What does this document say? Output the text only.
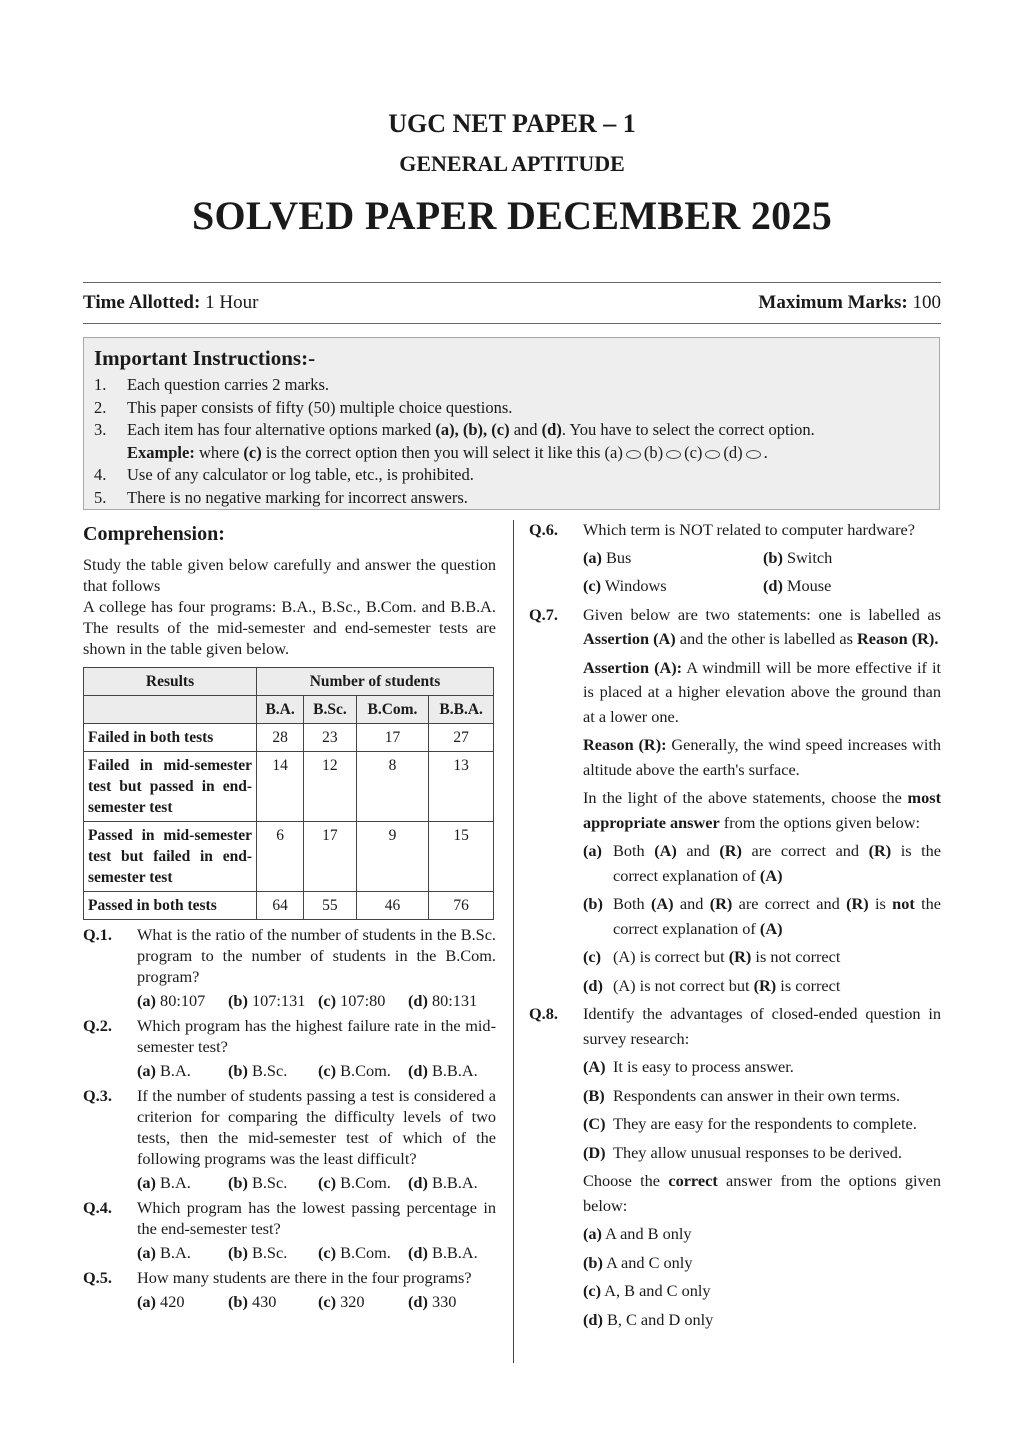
UGC NET PAPER – 1
GENERAL APTITUDE
SOLVED PAPER DECEMBER 2025
Time Allotted: 1 Hour	Maximum Marks: 100
Important Instructions:-
1.	Each question carries 2 marks.
2.	This paper consists of fifty (50) multiple choice questions.
3.	Each item has four alternative options marked (a), (b), (c) and (d). You have to select the correct option.
Example: where (c) is the correct option then you will select it like this (a) (b) (c) (d) .
4.	Use of any calculator or log table, etc., is prohibited.
5.	There is no negative marking for incorrect answers.
Comprehension:

Study the table given below carefully and answer the question that follows

A college has four programs: B.A., B.Sc., B.Com. and B.B.A. The results of the mid-semester and end-semester tests are shown in the table given below.

Results	Number of students			
	B.A.	B.Sc.	B.Com.	B.B.A.
Failed in both tests	28	23	17	27
Failed in mid-semester test but passed in end-semester test	14	12	8	13
Passed in mid-semester test but failed in end-semester test	6	17	9	15
Passed in both tests	64	55	46	76
Q.1.	What is the ratio of the number of students in the B.Sc. program to the number of students in the B.Com. program?

(a) 80:107	(b) 107:131 (c) 107:80	(d) 80:131
Q.2.	Which program has the highest failure rate in the mid-semester test?

(a) B.A.	(b) B.Sc.	(c) B.Com.	(d) B.B.A.
Q.3.	If the number of students passing a test is considered a criterion for comparing the difficulty levels of two tests, then the mid-semester test of which of the following programs was the least difficult?

(a) B.A.	(b) B.Sc.	(c) B.Com.	(d) B.B.A.
Q.4.	Which program has the lowest passing percentage in the end-semester test?

(a) B.A.	(b) B.Sc.	(c) B.Com.	(d) B.B.A.
Q.5.	How many students are there in the four programs?

(a) 420	(b) 430	(c) 320	(d) 330
Q.6.	Which term is NOT related to computer hardware?

(a) Bus	(b) Switch
(c) Windows	(d) Mouse
Q.7.	Given below are two statements: one is labelled as Assertion (A) and the other is labelled as Reason (R).

Assertion (A): A windmill will be more effective if it is placed at a higher elevation above the ground than at a lower one.

Reason (R): Generally, the wind speed increases with altitude above the earth's surface.

In the light of the above statements, choose the most appropriate answer from the options given below:

(a) Both (A) and (R) are correct and (R) is the correct explanation of (A)
(b) Both (A) and (R) are correct and (R) is not the correct explanation of (A)
(c) (A) is correct but (R) is not correct
(d) (A) is not correct but (R) is correct
Q.8.	Identify the advantages of closed-ended question in survey research:

(A) It is easy to process answer.
(B) Respondents can answer in their own terms.
(C) They are easy for the respondents to complete.
(D) They allow unusual responses to be derived.

Choose the correct answer from the options given below:

(a) A and B only
(b) A and C only
(c) A, B and C only
(d) B, C and D only
